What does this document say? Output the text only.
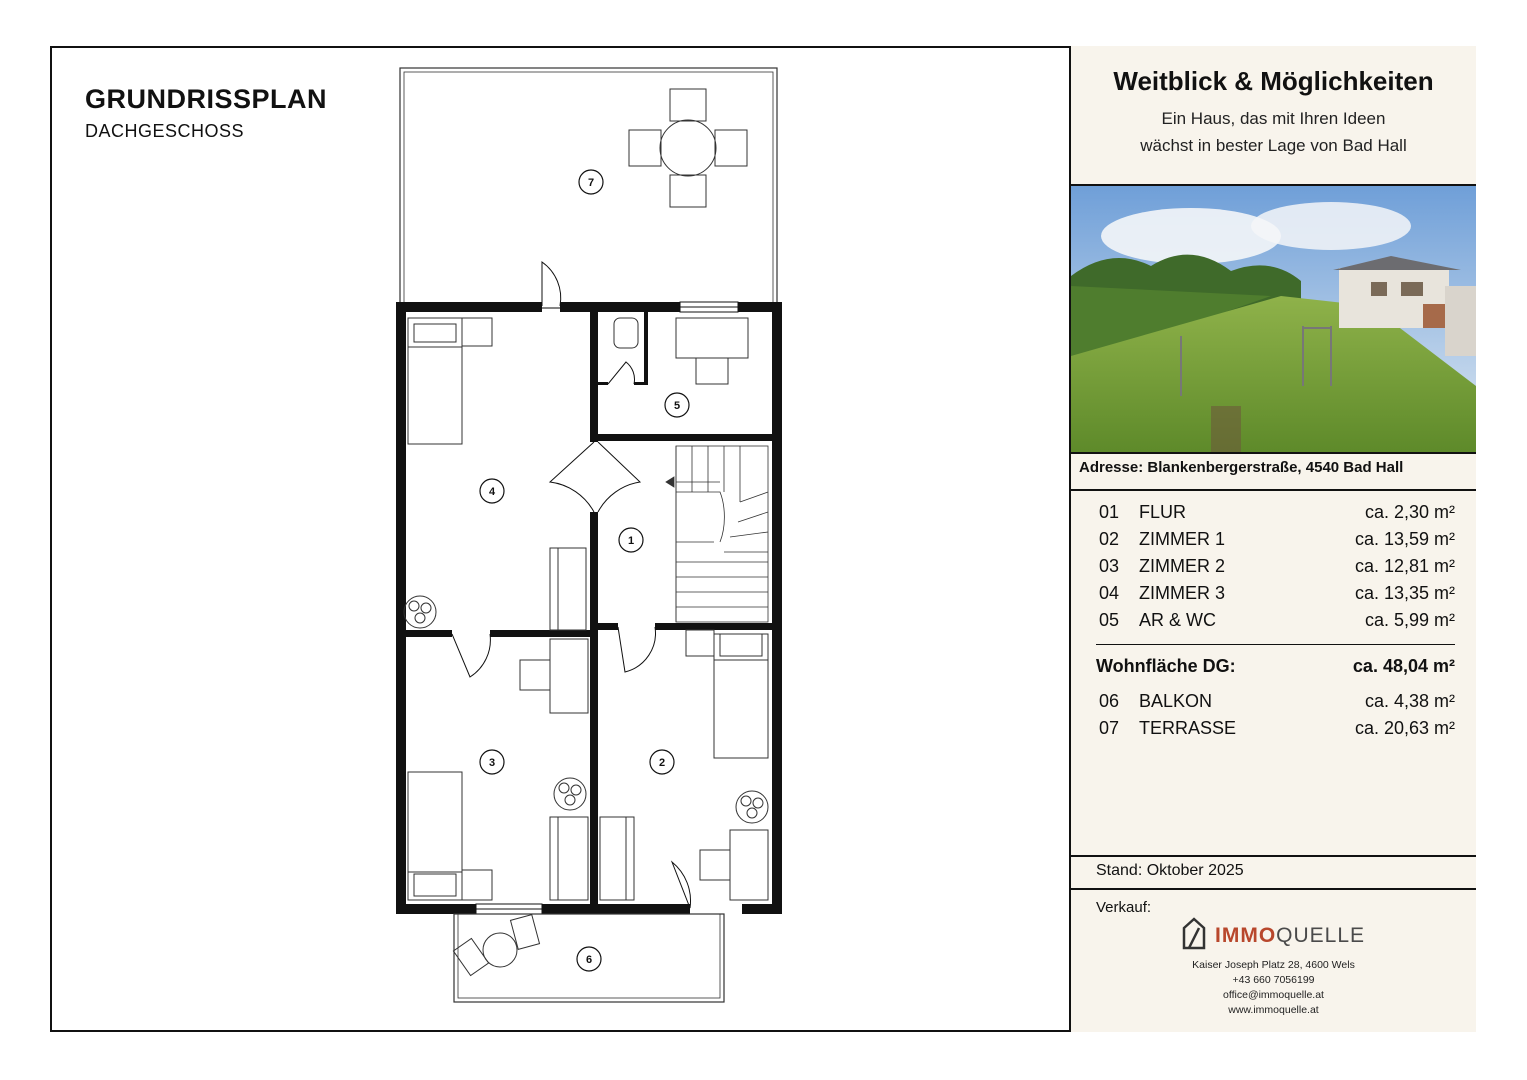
GRUNDRISSPLAN
DACHGESCHOSS
7
5
4
1
3	2
6
Weitblick & Möglichkeiten
Ein Haus, das mit Ihren Ideen
wächst in bester Lage von Bad Hall
Adresse: Blankenbergerstraße, 4540 Bad Hall
01 FLUR	ca. 2,30 m²
02 ZIMMER 1	ca. 13,59 m²
03 ZIMMER 2	ca. 12,81 m²
04 ZIMMER 3	ca. 13,35 m²
05 AR & WC	ca. 5,99 m²
Wohnfläche DG:	ca. 48,04 m²
06 BALKON	ca. 4,38 m²
07 TERRASSE	ca. 20,63 m²
Stand: Oktober 2025
Verkauf:
IMMOQUELLE
Kaiser Joseph Platz 28, 4600 Wels
+43 660 7056199
office@immoquelle.at
www.immoquelle.at
